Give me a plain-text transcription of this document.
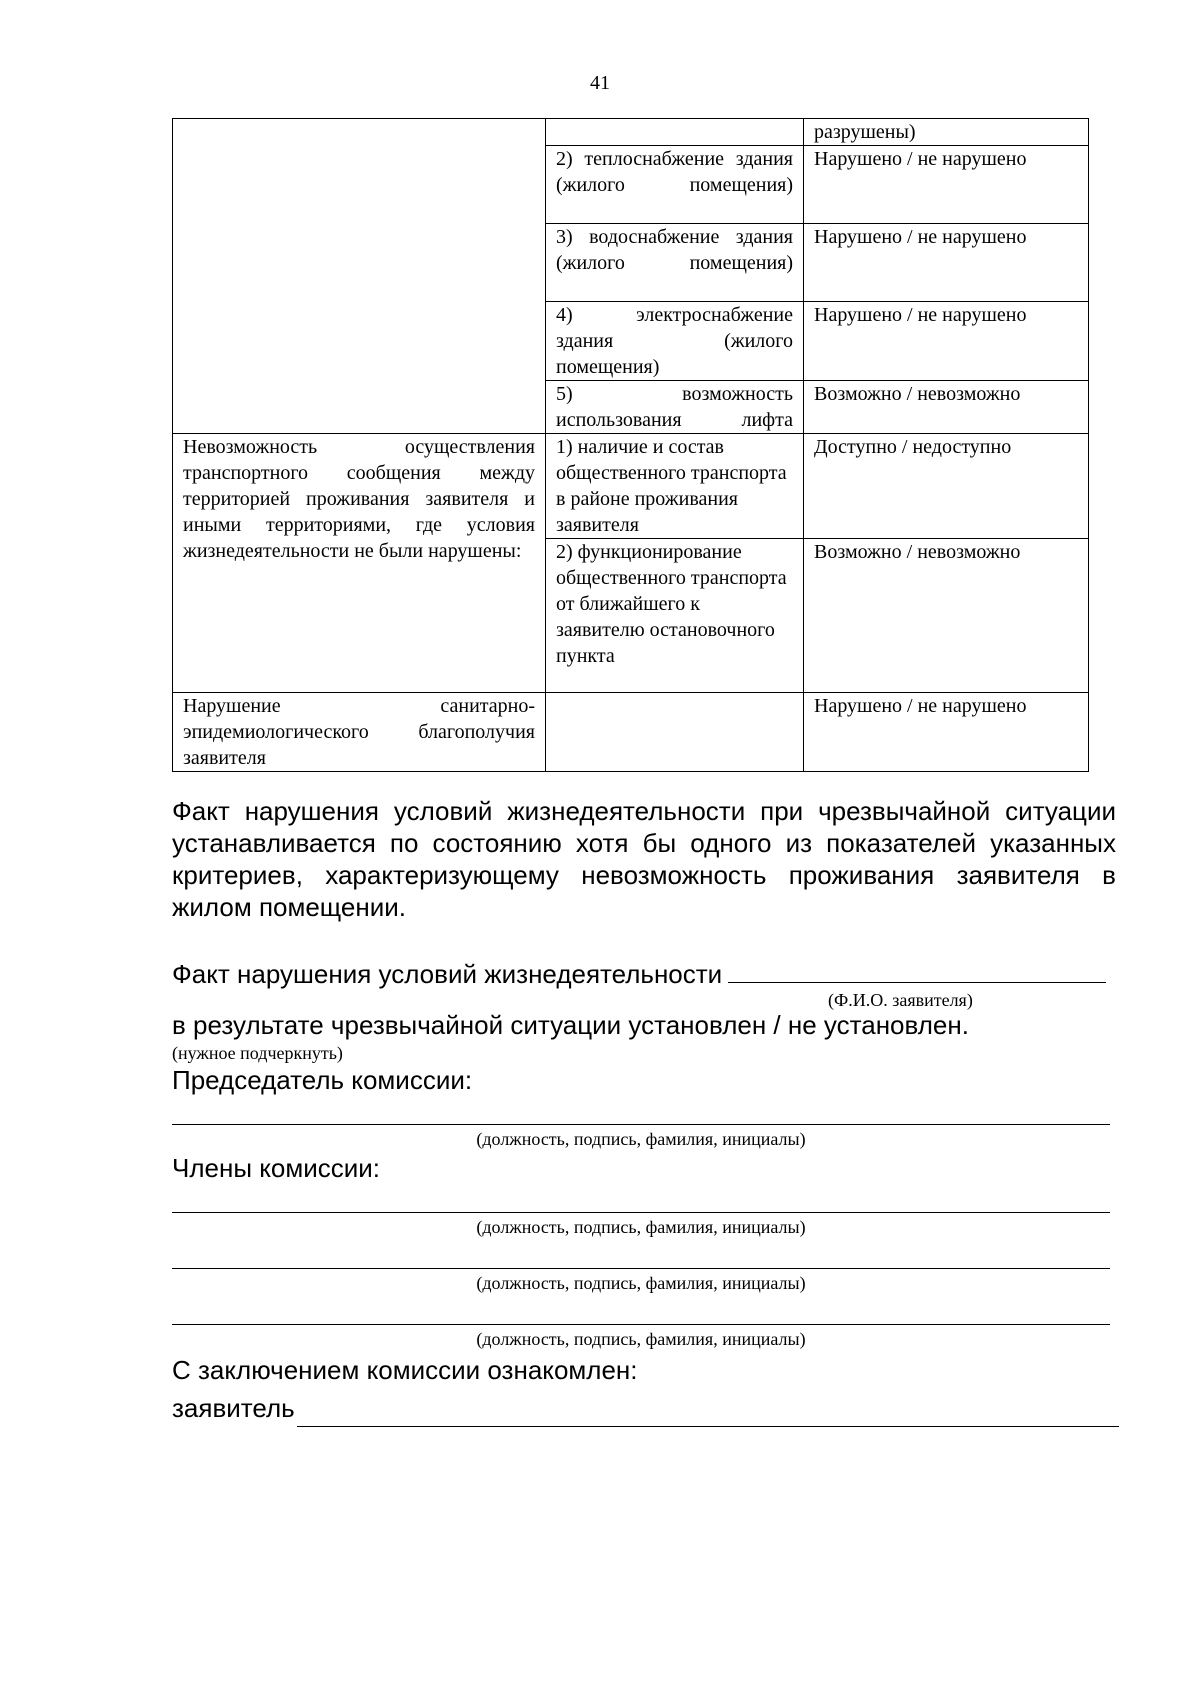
41
		разрушены)
	2) теплоснабжение здания (жилого помещения)	Нарушено / не нарушено
	3) водоснабжение здания (жилого помещения)	Нарушено / не нарушено
	4) электроснабжение здания (жилого помещения)	Нарушено / не нарушено
	5) возможность использования лифта	Возможно / невозможно
Невозможность осуществления транспортного сообщения между территорией проживания заявителя и иными территориями, где условия жизнедеятельности не были нарушены:	1) наличие и состав общественного транспорта в районе проживания заявителя	Доступно / недоступно
	2) функционирование общественного транспорта от ближайшего к заявителю остановочного пункта	Возможно / невозможно
Нарушение санитарно-эпидемиологического благополучия заявителя		Нарушено / не нарушено

Факт нарушения условий жизнедеятельности при чрезвычайной ситуации устанавливается по состоянию хотя бы одного из показателей указанных критериев, характеризующему невозможность проживания заявителя в жилом помещении.

Факт нарушения условий жизнедеятельности
(Ф.И.О. заявителя)
в результате чрезвычайной ситуации установлен / не установлен.
(нужное подчеркнуть)
Председатель комиссии:
(должность, подпись, фамилия, инициалы)
Члены комиссии:
(должность, подпись, фамилия, инициалы)
(должность, подпись, фамилия, инициалы)
(должность, подпись, фамилия, инициалы)
С заключением комиссии ознакомлен:
заявитель
